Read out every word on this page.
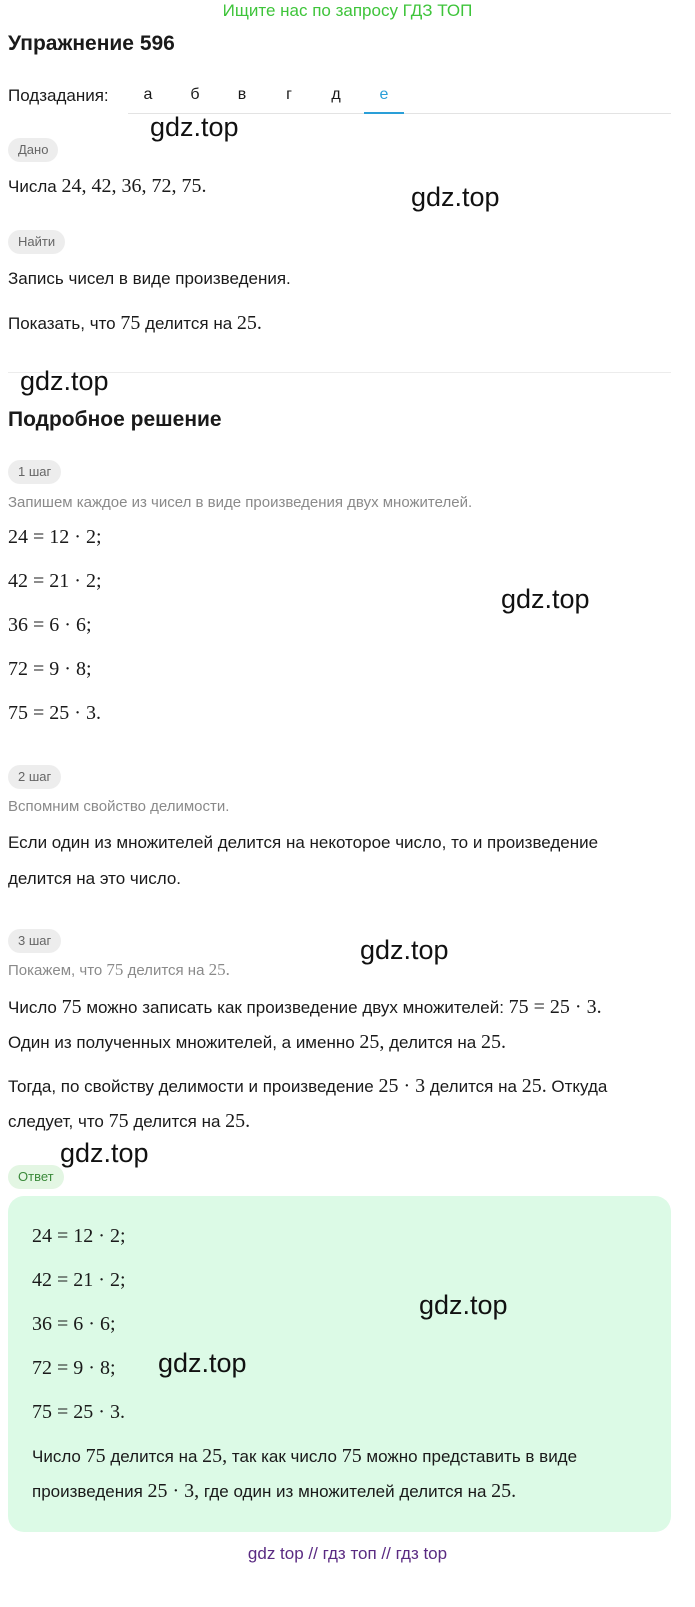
Ищите нас по запросу ГДЗ ТОП
Упражнение 596
Подзадания:	а	б	в	г	д	е
Дано
Числа 24, 42, 36, 72, 75.
Найти
Запись чисел в виде произведения.
Показать, что 75 делится на 25.
Подробное решение
1 шаг
Запишем каждое из чисел в виде произведения двух множителей.
24 = 12 · 2;
42 = 21 · 2;
36 = 6 · 6;
72 = 9 · 8;
75 = 25 · 3.
2 шаг
Вспомним свойство делимости.
Если один из множителей делится на некоторое число, то и произведение
делится на это число.
3 шаг
Покажем, что 75 делится на 25.
Число 75 можно записать как произведение двух множителей: 75 = 25 · 3.
Один из полученных множителей, а именно 25, делится на 25.
Тогда, по свойству делимости и произведение 25 · 3 делится на 25. Откуда
следует, что 75 делится на 25.
Ответ
24 = 12 · 2;
42 = 21 · 2;
36 = 6 · 6;
72 = 9 · 8;
75 = 25 · 3.
Число 75 делится на 25, так как число 75 можно представить в виде
произведения 25 · 3, где один из множителей делится на 25.
gdz.top
gdz.top
gdz.top
gdz.top
gdz.top
gdz.top
gdz.top
gdz.top
gdz top // гдз топ // гдз top
